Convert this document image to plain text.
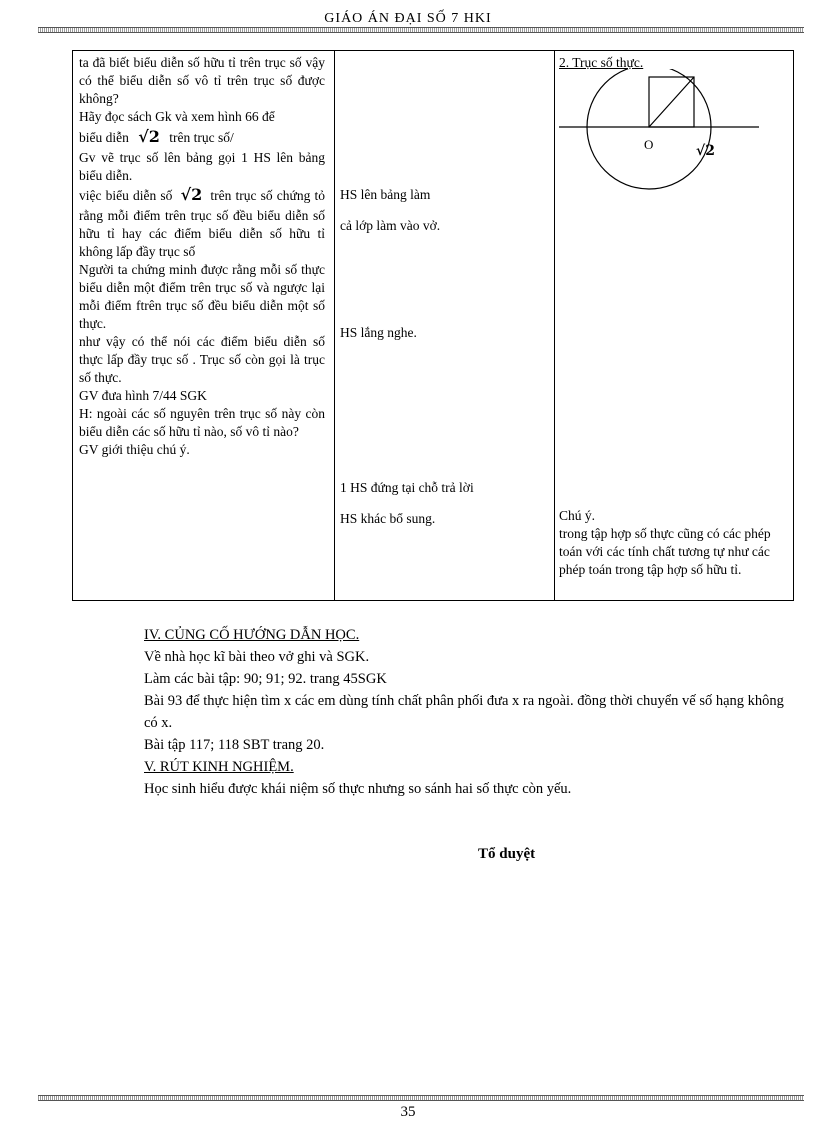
GIÁO ÁN ĐẠI SỐ 7 HKI

ta đã biết biểu diễn số hữu tỉ trên trục số vậy có thể biểu diễn số vô tỉ trên trục số được không?

Hãy đọc sách Gk và xem hình 66 để

biểu diễn √2 trên trục số/

Gv vẽ trục số lên bảng gọi 1 HS lên bảng biểu diễn.

việc biểu diễn số √2 trên trục số chứng tỏ rằng mỗi điểm trên trục số đều biểu diễn số hữu tỉ hay các điểm biểu diễn số hữu tỉ không lấp đầy trục số

Người ta chứng minh được rằng mỗi số thực biểu diễn một điểm trên trục số và ngược lại mỗi điểm ftrên trục số đều biểu diễn một số thực.

như vậy có thể nói các điểm biểu diễn số thực lấp đầy trục số . Trục số còn gọi là trục số thực.

GV đưa hình 7/44 SGK

H: ngoài các số nguyên trên trục số này còn biểu diễn các số hữu tỉ nào, số vô tỉ nào?

GV giới thiệu chú ý.

HS lên bảng làm

cả lớp làm vào vở.

HS lắng nghe.

1 HS đứng tại chỗ trả lời

HS khác bổ sung.

2. Trục số thực.
O	√2

Chú ý.

trong tập hợp số thực cũng có các phép toán với các tính chất tương tự như các phép toán trong tập hợp số hữu tỉ.

IV. CỦNG CỐ HƯỚNG DẪN HỌC.
Về nhà học kĩ bài theo vở ghi và SGK.
Làm các bài tập: 90; 91; 92. trang 45SGK
Bài 93 để thực hiện tìm x các em dùng tính chất phân phối đưa x ra ngoài. đồng thời chuyển vế số hạng không có x.
Bài tập 117; 118 SBT trang 20.
V. RÚT KINH NGHIỆM.
Học sinh hiểu được khái niệm số thực nhưng so sánh hai số thực còn yếu.
Tổ duyệt
35
